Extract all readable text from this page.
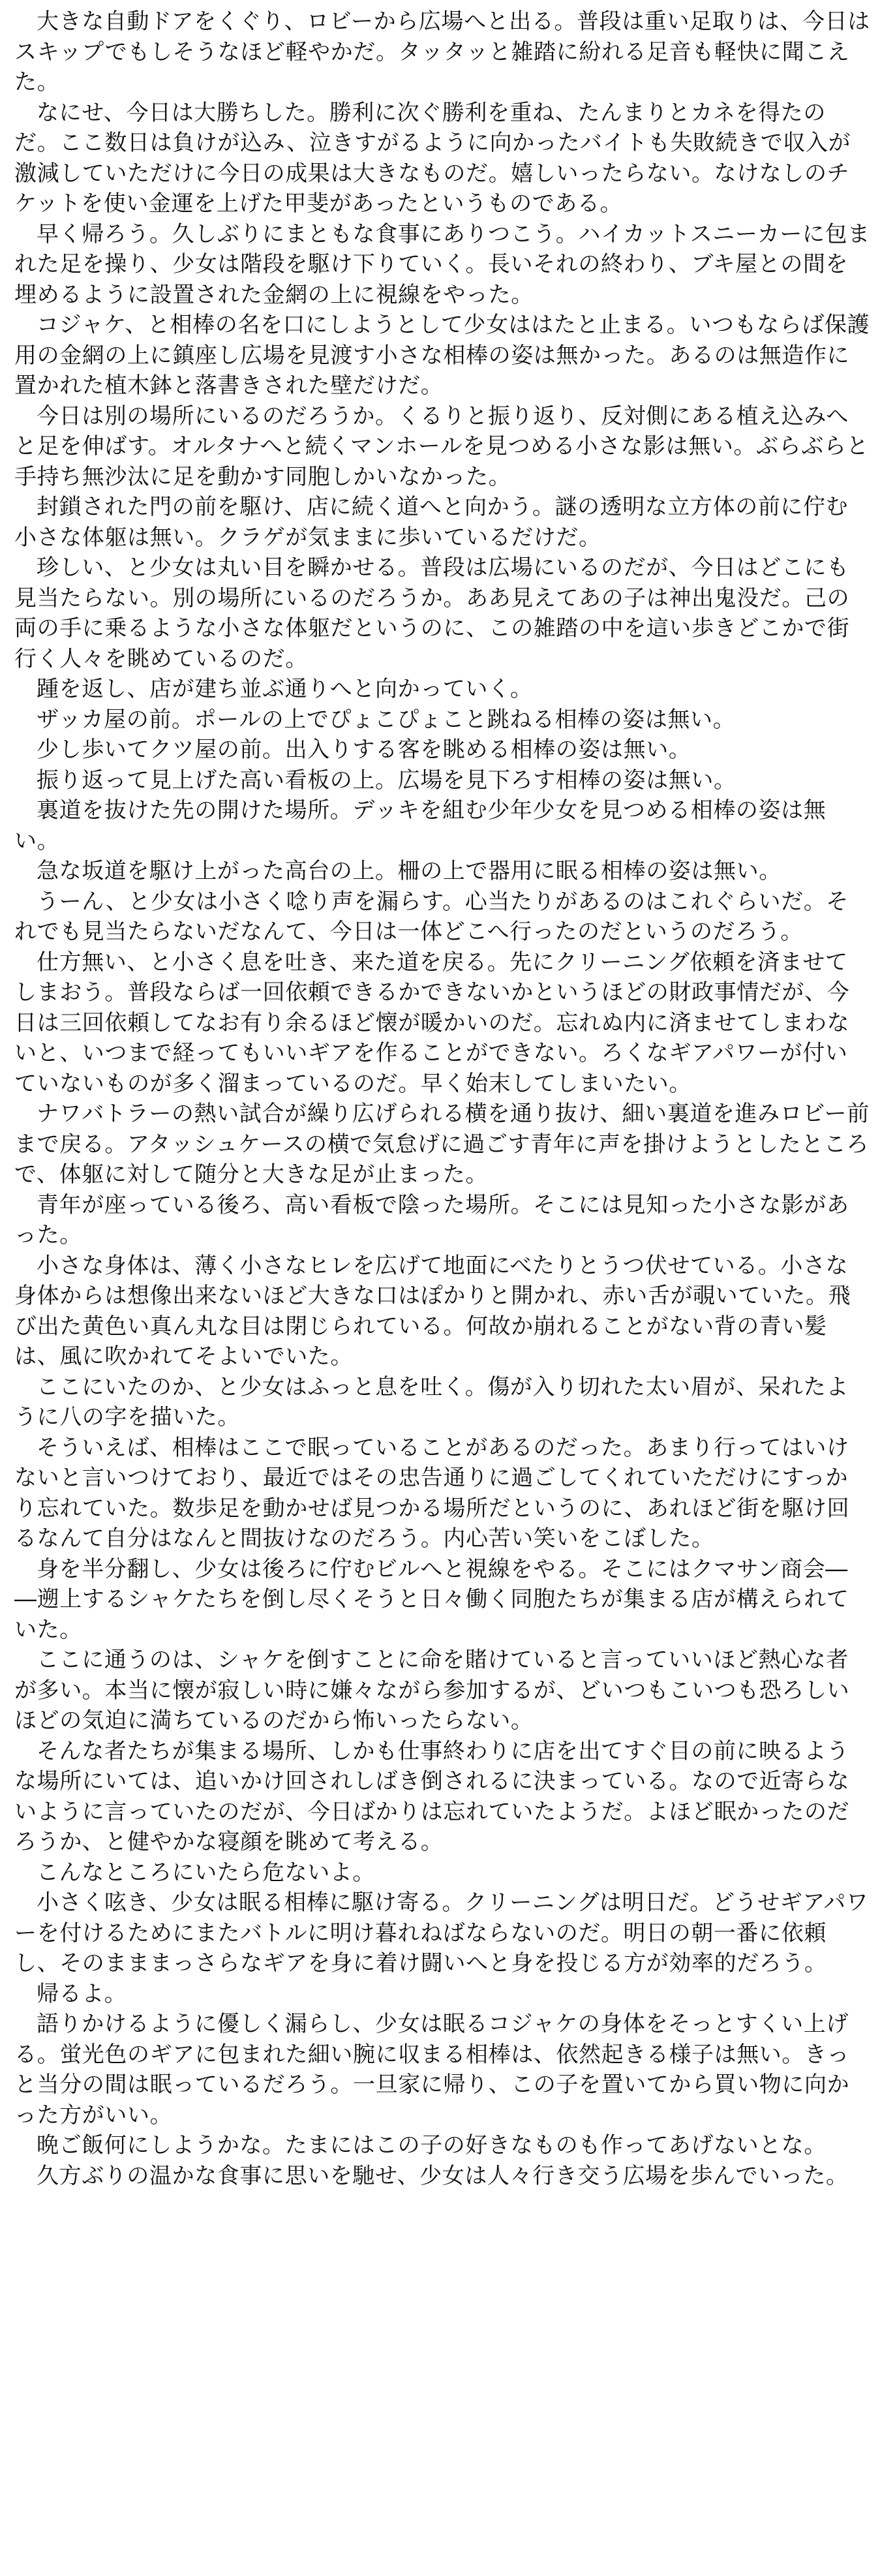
大きな自動ドアをくぐり、ロビーから広場へと出る。普段は重い足取りは、今日はスキップでもしそうなほど軽やかだ。タッタッと雑踏に紛れる足音も軽快に聞こえた。

なにせ、今日は大勝ちした。勝利に次ぐ勝利を重ね、たんまりとカネを得たのだ。ここ数日は負けが込み、泣きすがるように向かったバイトも失敗続きで収入が激減していただけに今日の成果は大きなものだ。嬉しいったらない。なけなしのチケットを使い金運を上げた甲斐があったというものである。

早く帰ろう。久しぶりにまともな食事にありつこう。ハイカットスニーカーに包まれた足を操り、少女は階段を駆け下りていく。長いそれの終わり、ブキ屋との間を埋めるように設置された金網の上に視線をやった。

コジャケ、と相棒の名を口にしようとして少女ははたと止まる。いつもならば保護用の金網の上に鎮座し広場を見渡す小さな相棒の姿は無かった。あるのは無造作に置かれた植木鉢と落書きされた壁だけだ。

今日は別の場所にいるのだろうか。くるりと振り返り、反対側にある植え込みへと足を伸ばす。オルタナへと続くマンホールを見つめる小さな影は無い。ぶらぶらと手持ち無沙汰に足を動かす同胞しかいなかった。

封鎖された門の前を駆け、店に続く道へと向かう。謎の透明な立方体の前に佇む小さな体躯は無い。クラゲが気ままに歩いているだけだ。

珍しい、と少女は丸い目を瞬かせる。普段は広場にいるのだが、今日はどこにも見当たらない。別の場所にいるのだろうか。ああ見えてあの子は神出鬼没だ。己の両の手に乗るような小さな体躯だというのに、この雑踏の中を這い歩きどこかで街行く人々を眺めているのだ。

踵を返し、店が建ち並ぶ通りへと向かっていく。

ザッカ屋の前。ポールの上でぴょこぴょこと跳ねる相棒の姿は無い。

少し歩いてクツ屋の前。出入りする客を眺める相棒の姿は無い。

振り返って見上げた高い看板の上。広場を見下ろす相棒の姿は無い。

裏道を抜けた先の開けた場所。デッキを組む少年少女を見つめる相棒の姿は無い。

急な坂道を駆け上がった高台の上。柵の上で器用に眠る相棒の姿は無い。

うーん、と少女は小さく唸り声を漏らす。心当たりがあるのはこれぐらいだ。それでも見当たらないだなんて、今日は一体どこへ行ったのだというのだろう。

仕方無い、と小さく息を吐き、来た道を戻る。先にクリーニング依頼を済ませてしまおう。普段ならば一回依頼できるかできないかというほどの財政事情だが、今日は三回依頼してなお有り余るほど懐が暖かいのだ。忘れぬ内に済ませてしまわないと、いつまで経ってもいいギアを作ることができない。ろくなギアパワーが付いていないものが多く溜まっているのだ。早く始末してしまいたい。

ナワバトラーの熱い試合が繰り広げられる横を通り抜け、細い裏道を進みロビー前まで戻る。アタッシュケースの横で気怠げに過ごす青年に声を掛けようとしたところで、体躯に対して随分と大きな足が止まった。

青年が座っている後ろ、高い看板で陰った場所。そこには見知った小さな影があった。

小さな身体は、薄く小さなヒレを広げて地面にべたりとうつ伏せている。小さな身体からは想像出来ないほど大きな口はぽかりと開かれ、赤い舌が覗いていた。飛び出た黄色い真ん丸な目は閉じられている。何故か崩れることがない背の青い髪は、風に吹かれてそよいでいた。

ここにいたのか、と少女はふっと息を吐く。傷が入り切れた太い眉が、呆れたように八の字を描いた。

そういえば、相棒はここで眠っていることがあるのだった。あまり行ってはいけないと言いつけており、最近ではその忠告通りに過ごしてくれていただけにすっかり忘れていた。数歩足を動かせば見つかる場所だというのに、あれほど街を駆け回るなんて自分はなんと間抜けなのだろう。内心苦い笑いをこぼした。

身を半分翻し、少女は後ろに佇むビルへと視線をやる。そこにはクマサン商会――遡上するシャケたちを倒し尽くそうと日々働く同胞たちが集まる店が構えられていた。

ここに通うのは、シャケを倒すことに命を賭けていると言っていいほど熱心な者が多い。本当に懐が寂しい時に嫌々ながら参加するが、どいつもこいつも恐ろしいほどの気迫に満ちているのだから怖いったらない。

そんな者たちが集まる場所、しかも仕事終わりに店を出てすぐ目の前に映るような場所にいては、追いかけ回されしばき倒されるに決まっている。なので近寄らないように言っていたのだが、今日ばかりは忘れていたようだ。よほど眠かったのだろうか、と健やかな寝顔を眺めて考える。

こんなところにいたら危ないよ。

小さく呟き、少女は眠る相棒に駆け寄る。クリーニングは明日だ。どうせギアパワーを付けるためにまたバトルに明け暮れねばならないのだ。明日の朝一番に依頼し、そのまままっさらなギアを身に着け闘いへと身を投じる方が効率的だろう。

帰るよ。

語りかけるように優しく漏らし、少女は眠るコジャケの身体をそっとすくい上げる。蛍光色のギアに包まれた細い腕に収まる相棒は、依然起きる様子は無い。きっと当分の間は眠っているだろう。一旦家に帰り、この子を置いてから買い物に向かった方がいい。

晩ご飯何にしようかな。たまにはこの子の好きなものも作ってあげないとな。

久方ぶりの温かな食事に思いを馳せ、少女は人々行き交う広場を歩んでいった。
